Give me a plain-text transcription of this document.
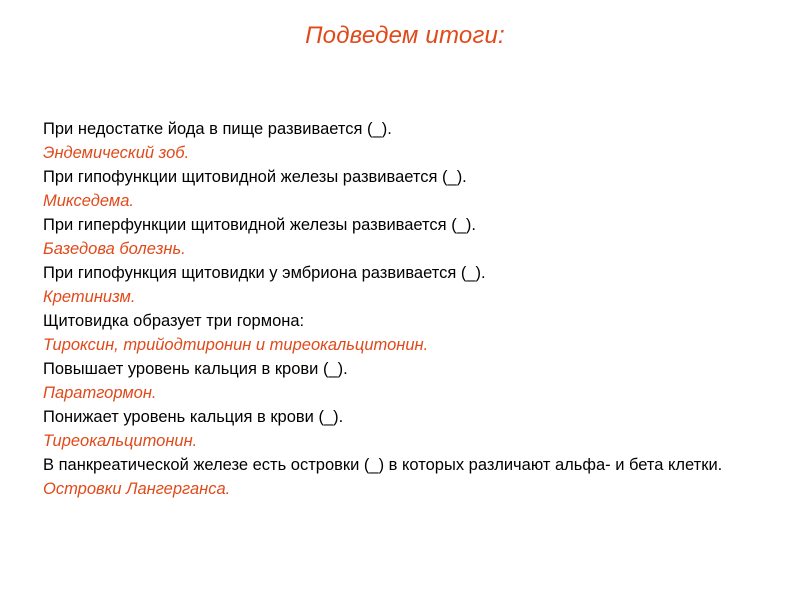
Подведем итоги:
При недостатке йода в пище развивается (_).
Эндемический зоб.
При гипофункции щитовидной железы развивается (_).
Микседема.
При гиперфункции щитовидной железы развивается (_).
Базедова болезнь.
При гипофункция щитовидки у эмбриона развивается (_).
Кретинизм.
Щитовидка образует три гормона:
Тироксин, трийодтиронин и тиреокальцитонин.
Повышает уровень кальция в крови (_).
Паратгормон.
Понижает уровень кальция в крови (_).
Тиреокальцитонин.
В панкреатической железе есть островки (_) в которых различают альфа- и бета клетки.
Островки Лангерганса.
